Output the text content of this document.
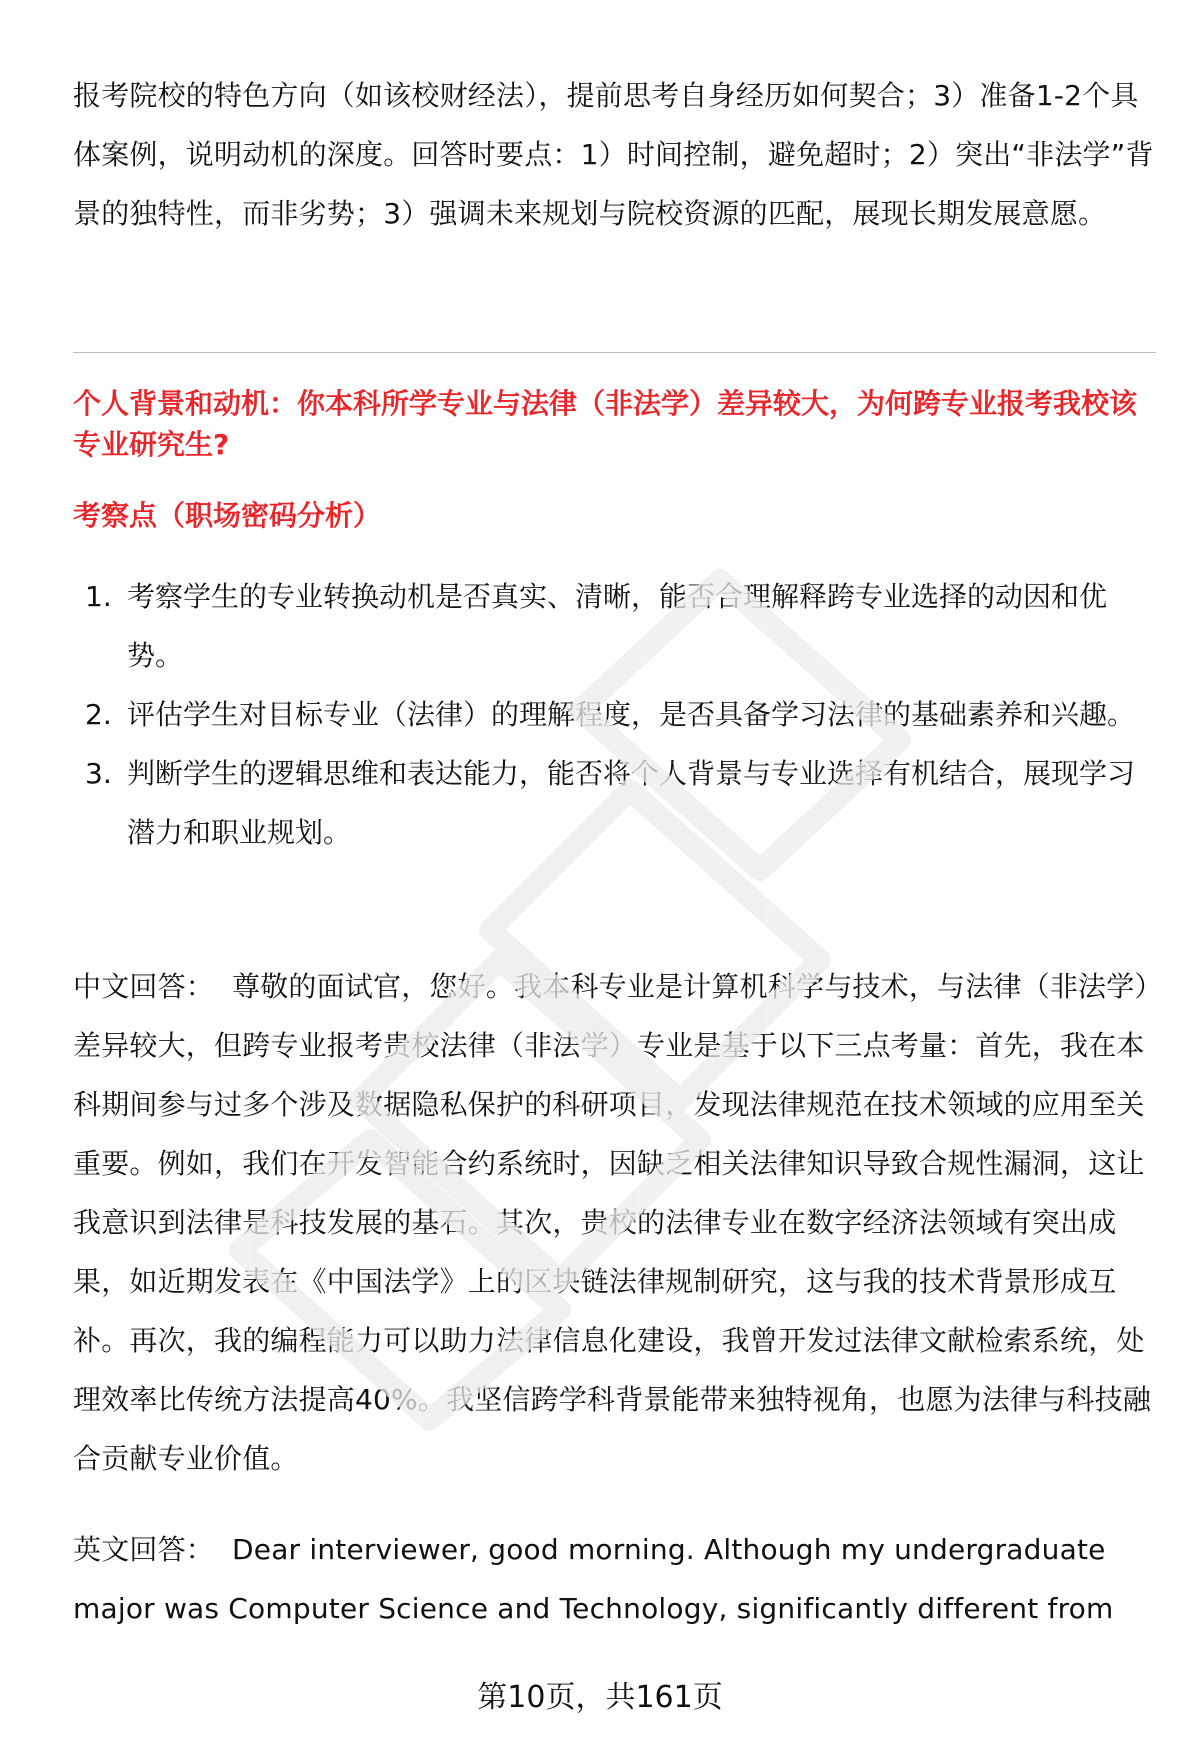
报考院校的特色方向（如该校财经法），提前思考自身经历如何契合；3）准备1-2个具体案例，说明动机的深度。回答时要点：1）时间控制，避免超时；2）突出“非法学”背景的独特性，而非劣势；3）强调未来规划与院校资源的匹配，展现长期发展意愿。

个人背景和动机：你本科所学专业与法律（非法学）差异较大，为何跨专业报考我校该专业研究生?
考察点（职场密码分析）
1. 考察学生的专业转换动机是否真实、清晰，能否合理解释跨专业选择的动因和优势。
2. 评估学生对目标专业（法律）的理解程度，是否具备学习法律的基础素养和兴趣。
3. 判断学生的逻辑思维和表达能力，能否将个人背景与专业选择有机结合，展现学习潜力和职业规划。

中文回答： 尊敬的面试官，您好。我本科专业是计算机科学与技术，与法律（非法学）差异较大，但跨专业报考贵校法律（非法学）专业是基于以下三点考量：首先，我在本科期间参与过多个涉及数据隐私保护的科研项目，发现法律规范在技术领域的应用至关重要。例如，我们在开发智能合约系统时，因缺乏相关法律知识导致合规性漏洞，这让我意识到法律是科技发展的基石。其次，贵校的法律专业在数字经济法领域有突出成果，如近期发表在《中国法学》上的区块链法律规制研究，这与我的技术背景形成互补。再次，我的编程能力可以助力法律信息化建设，我曾开发过法律文献检索系统，处理效率比传统方法提高40%。我坚信跨学科背景能带来独特视角，也愿为法律与科技融合贡献专业价值。

英文回答： Dear interviewer, good morning. Although my undergraduate major was Computer Science and Technology, significantly different from

第10页，共161页
